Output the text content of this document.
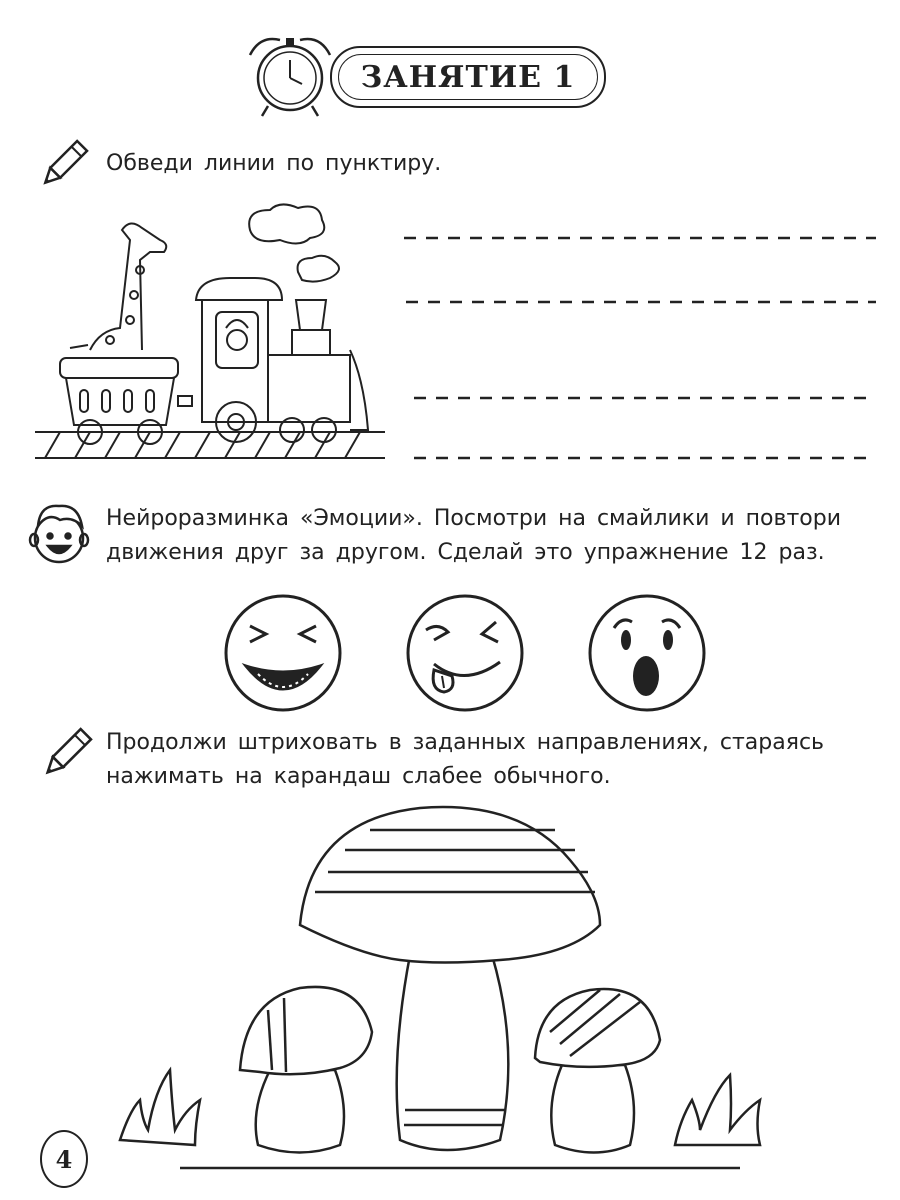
ЗАНЯТИЕ 1
Обведи линии по пунктиру.
Нейроразминка «Эмоции». Посмотри на смайлики и повтори
движения друг за другом. Сделай это упражнение 12 раз.
Продолжи штриховать в заданных направлениях, стараясь
нажимать на карандаш слабее обычного.
4
